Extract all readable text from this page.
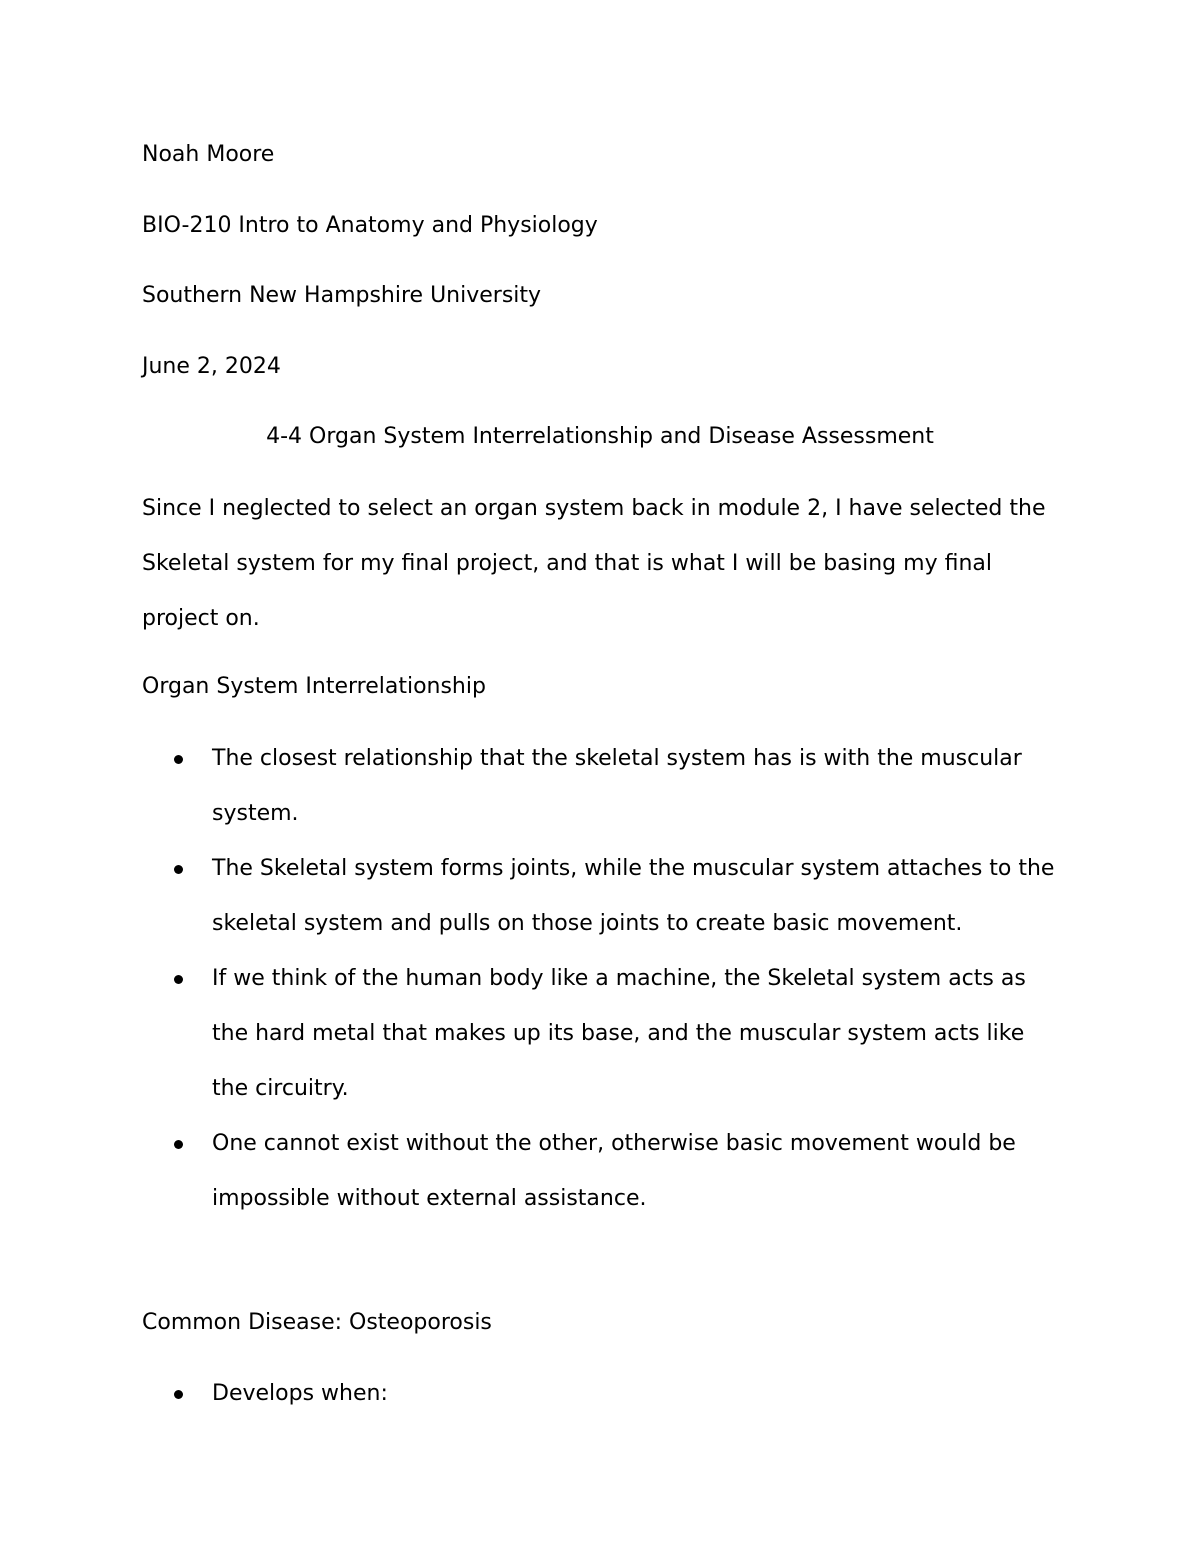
Noah Moore
BIO-210 Intro to Anatomy and Physiology
Southern New Hampshire University
June 2, 2024
4-4 Organ System Interrelationship and Disease Assessment
Since I neglected to select an organ system back in module 2, I have selected the Skeletal system for my final project, and that is what I will be basing my final project on.
Organ System Interrelationship
The closest relationship that the skeletal system has is with the muscular system.
The Skeletal system forms joints, while the muscular system attaches to the skeletal system and pulls on those joints to create basic movement.
If we think of the human body like a machine, the Skeletal system acts as the hard metal that makes up its base, and the muscular system acts like the circuitry.
One cannot exist without the other, otherwise basic movement would be impossible without external assistance.
Common Disease: Osteoporosis
Develops when:
